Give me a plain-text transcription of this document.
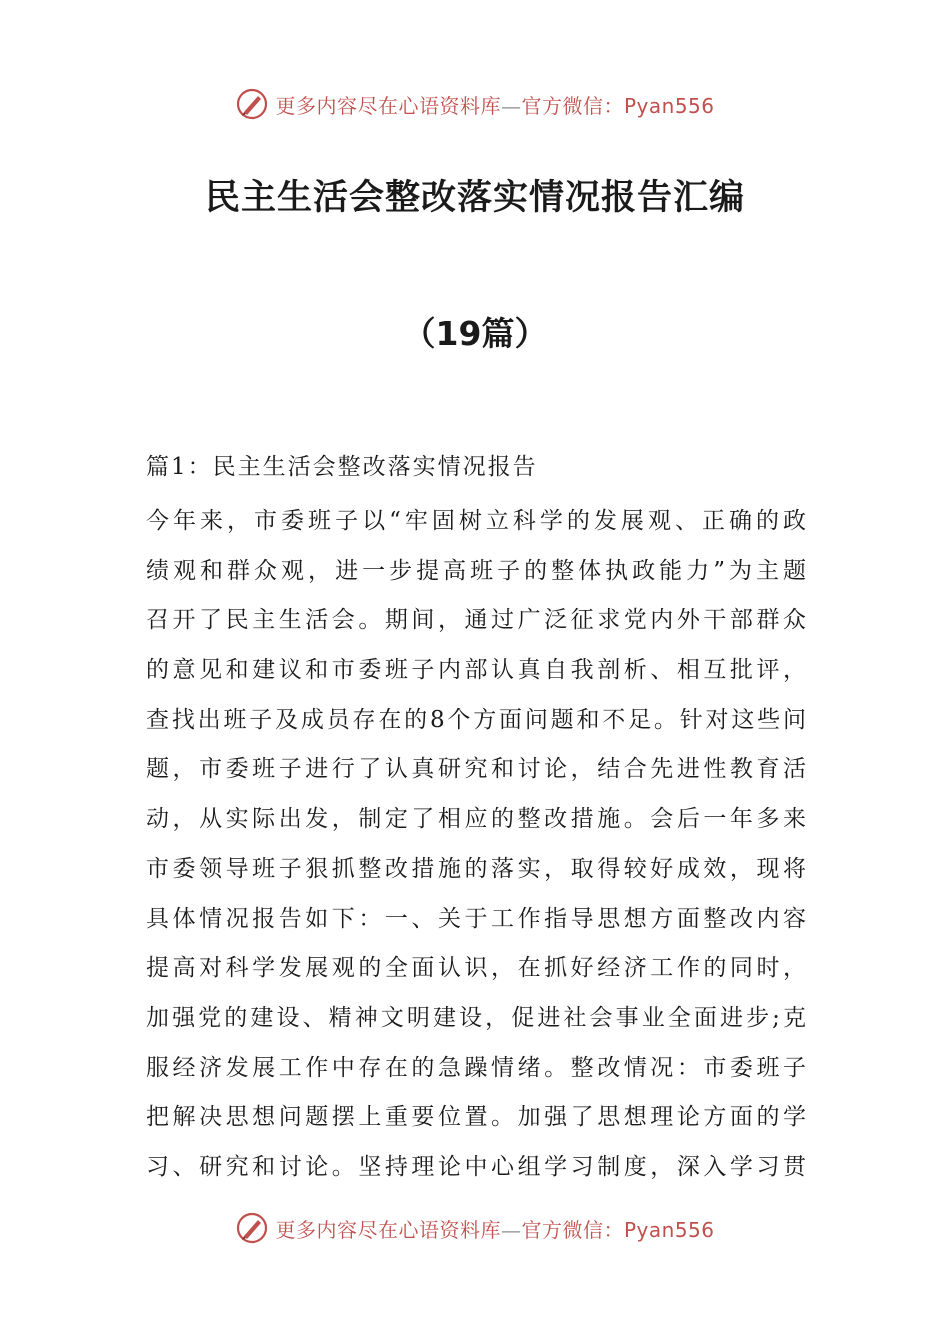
更多内容尽在心语资料库—官方微信：Pyan556
民主生活会整改落实情况报告汇编
（19篇）
篇1：民主生活会整改落实情况报告
今年来，市委班子以“牢固树立科学的发展观、正确的政
绩观和群众观，进一步提高班子的整体执政能力”为主题
召开了民主生活会。期间，通过广泛征求党内外干部群众
的意见和建议和市委班子内部认真自我剖析、相互批评，
查找出班子及成员存在的8个方面问题和不足。针对这些问
题，市委班子进行了认真研究和讨论，结合先进性教育活
动，从实际出发，制定了相应的整改措施。会后一年多来
市委领导班子狠抓整改措施的落实，取得较好成效，现将
具体情况报告如下：一、关于工作指导思想方面整改内容
提高对科学发展观的全面认识，在抓好经济工作的同时，
加强党的建设、精神文明建设，促进社会事业全面进步;克
服经济发展工作中存在的急躁情绪。整改情况：市委班子
把解决思想问题摆上重要位置。加强了思想理论方面的学
习、研究和讨论。坚持理论中心组学习制度，深入学习贯
更多内容尽在心语资料库—官方微信：Pyan556
